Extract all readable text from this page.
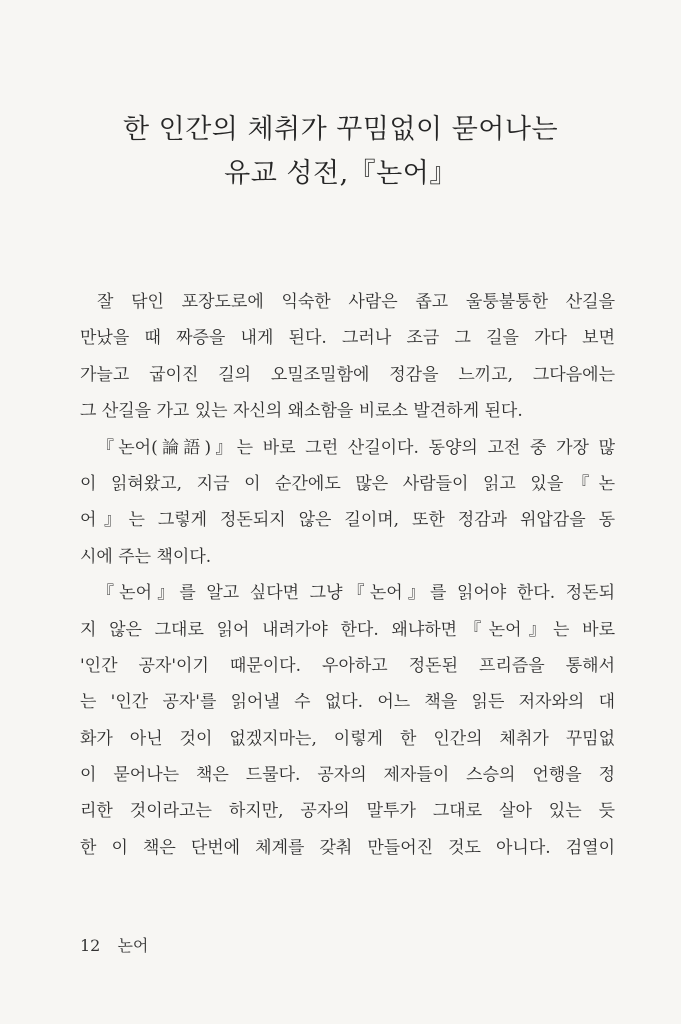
한 인간의 체취가 꾸밈없이 묻어나는
유교 성전,『논어』
잘 닦인 포장도로에 익숙한 사람은 좁고 울퉁불퉁한 산길을
만났을 때 짜증을 내게 된다. 그러나 조금 그 길을 가다 보면
가늘고 굽이진 길의 오밀조밀함에 정감을 느끼고, 그다음에는
그 산길을 가고 있는 자신의 왜소함을 비로소 발견하게 된다.
『논어(論語)』는 바로 그런 산길이다. 동양의 고전 중 가장 많
이 읽혀왔고, 지금 이 순간에도 많은 사람들이 읽고 있을『논
어』는 그렇게 정돈되지 않은 길이며, 또한 정감과 위압감을 동
시에 주는 책이다.
『논어』를 알고 싶다면 그냥『논어』를 읽어야 한다. 정돈되
지 않은 그대로 읽어 내려가야 한다. 왜냐하면『논어』는 바로
'인간 공자'이기 때문이다. 우아하고 정돈된 프리즘을 통해서
는 '인간 공자'를 읽어낼 수 없다. 어느 책을 읽든 저자와의 대
화가 아닌 것이 없겠지마는, 이렇게 한 인간의 체취가 꾸밈없
이 묻어나는 책은 드물다. 공자의 제자들이 스승의 언행을 정
리한 것이라고는 하지만, 공자의 말투가 그대로 살아 있는 듯
한 이 책은 단번에 체계를 갖춰 만들어진 것도 아니다. 검열이
12 논어
